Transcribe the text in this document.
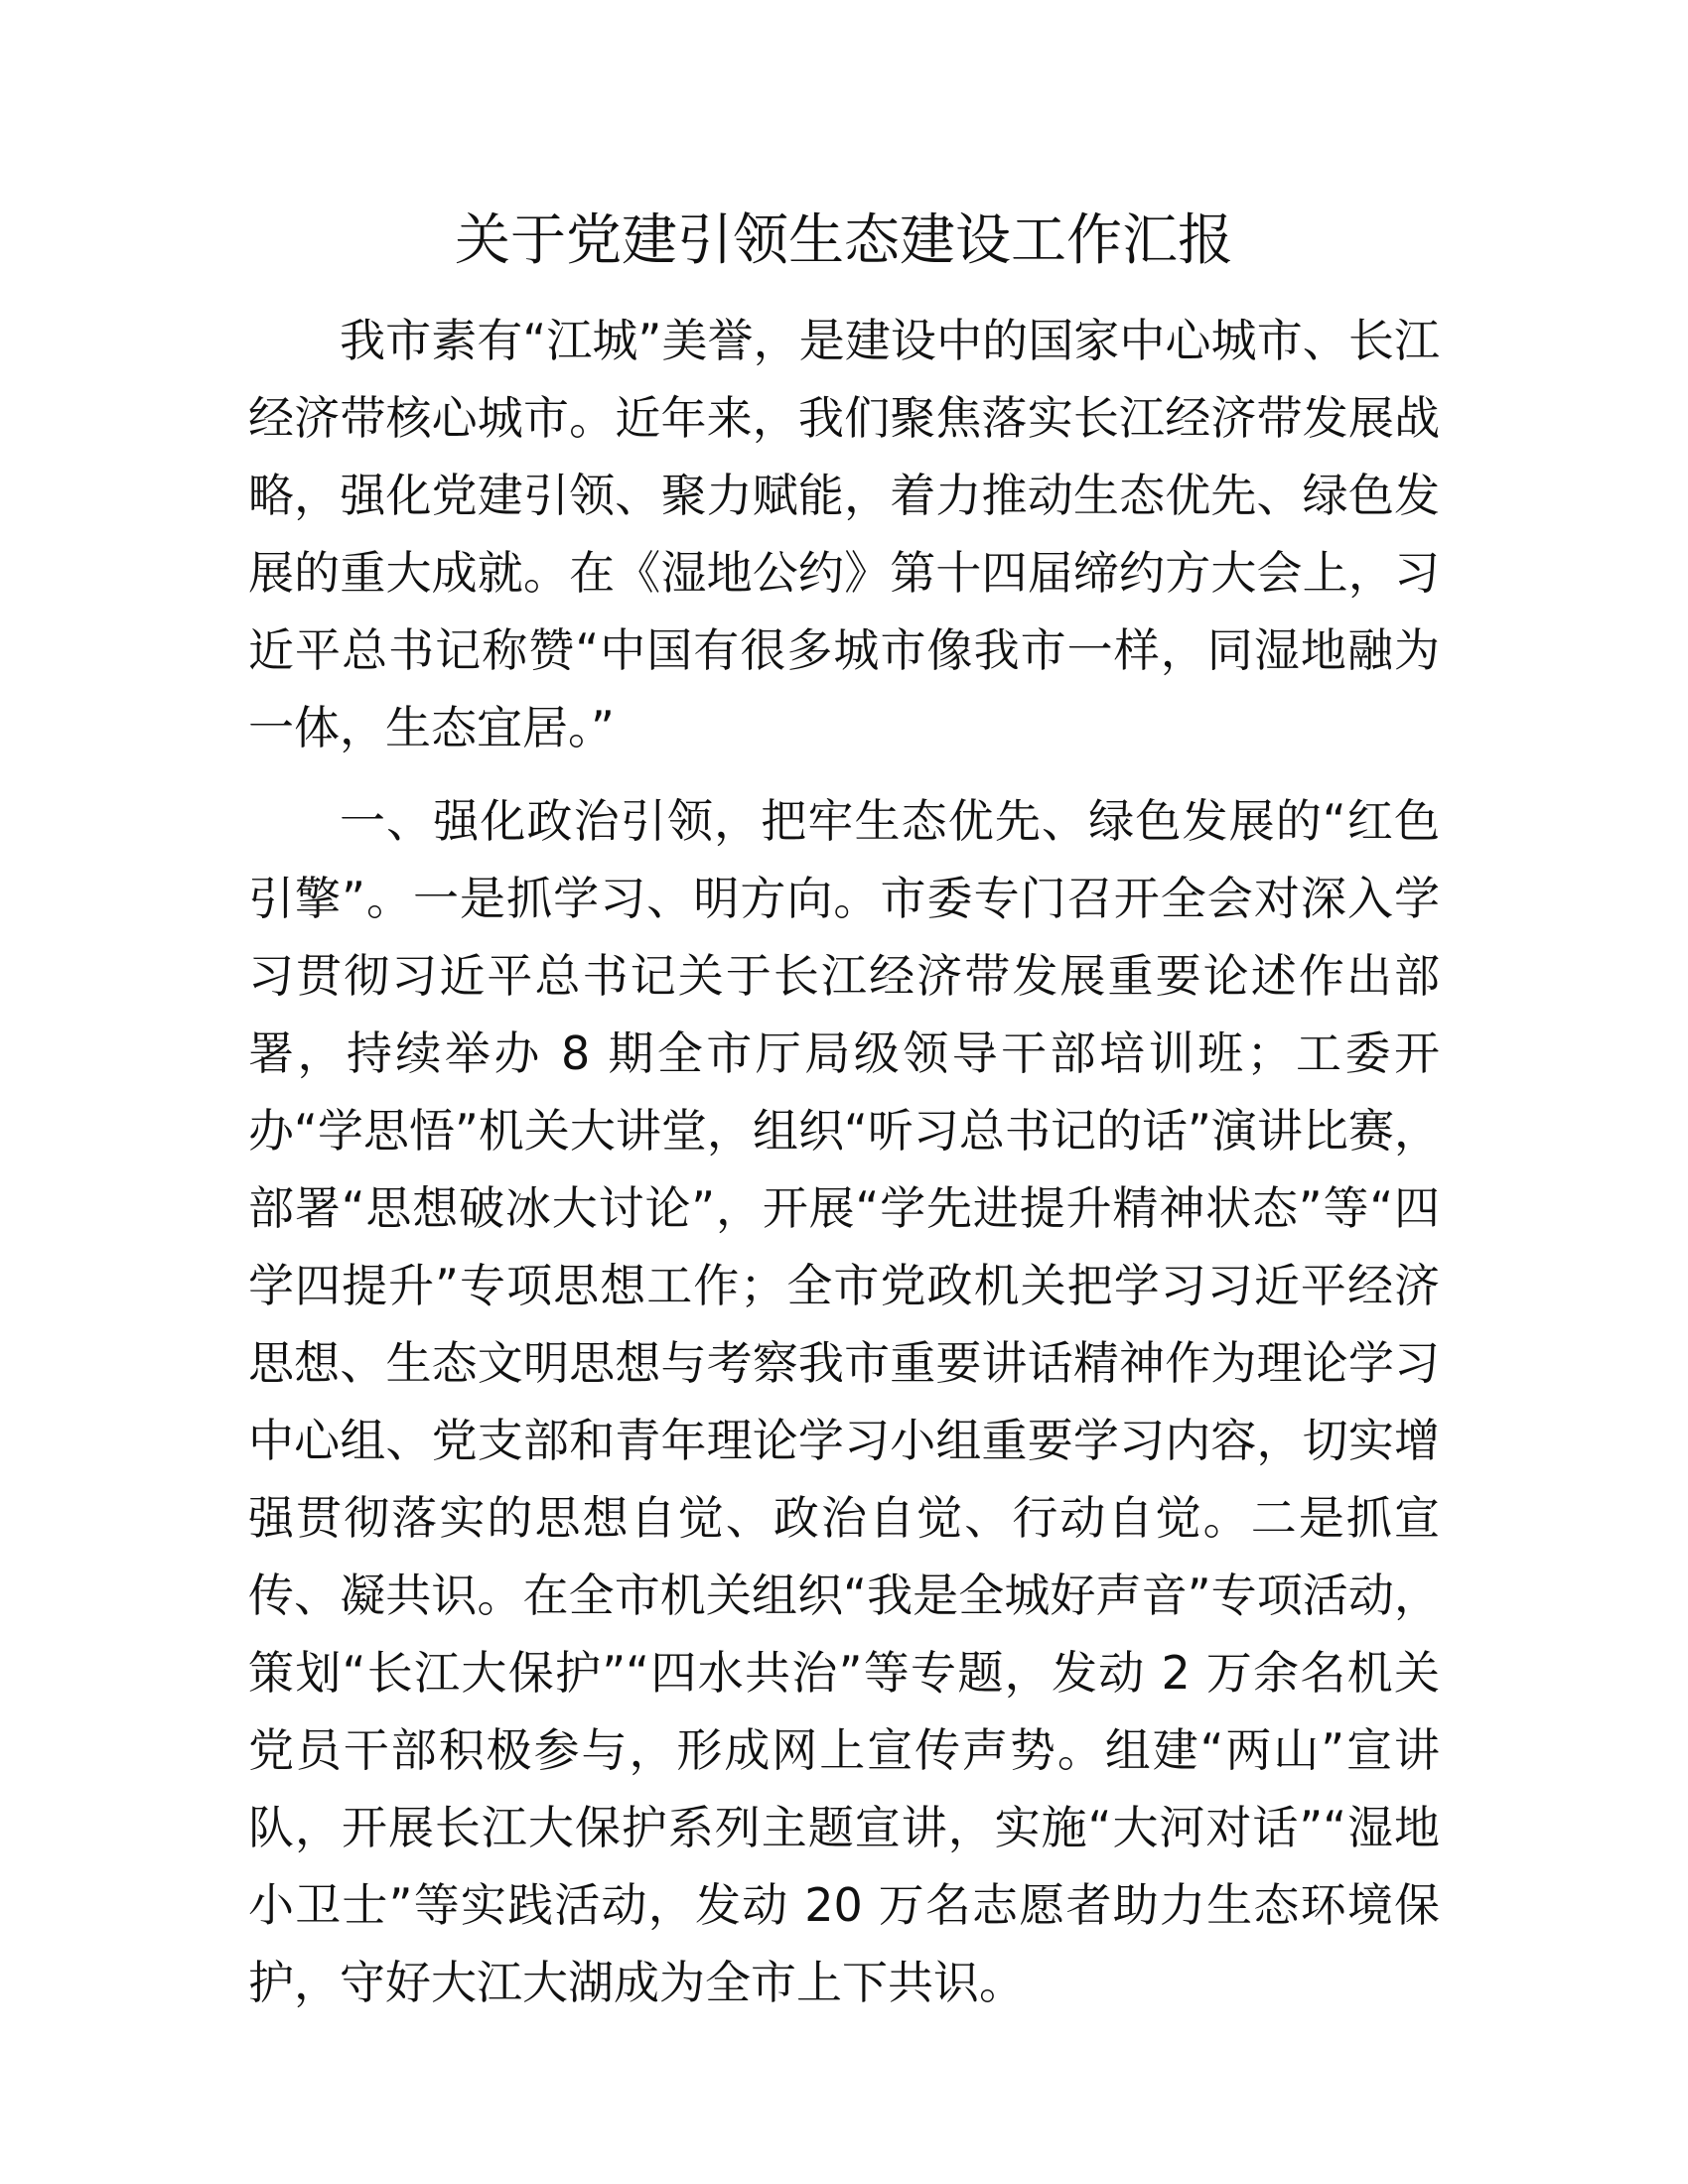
关于党建引领生态建设工作汇报

我市素有“江城”美誉，是建设中的国家中心城市、长江经济带核心城市。近年来，我们聚焦落实长江经济带发展战略，强化党建引领、聚力赋能，着力推动生态优先、绿色发展的重大成就。在《湿地公约》第十四届缔约方大会上，习近平总书记称赞“中国有很多城市像我市一样，同湿地融为一体，生态宜居。”

一、强化政治引领，把牢生态优先、绿色发展的“红色引擎”。一是抓学习、明方向。市委专门召开全会对深入学习贯彻习近平总书记关于长江经济带发展重要论述作出部署，持续举办 8 期全市厅局级领导干部培训班；工委开办“学思悟”机关大讲堂，组织“听习总书记的话”演讲比赛，部署“思想破冰大讨论”，开展“学先进提升精神状态”等“四学四提升”专项思想工作；全市党政机关把学习习近平经济思想、生态文明思想与考察我市重要讲话精神作为理论学习中心组、党支部和青年理论学习小组重要学习内容，切实增强贯彻落实的思想自觉、政治自觉、行动自觉。二是抓宣传、凝共识。在全市机关组织“我是全城好声音”专项活动，策划“长江大保护”“四水共治”等专题，发动 2 万余名机关党员干部积极参与，形成网上宣传声势。组建“两山”宣讲队，开展长江大保护系列主题宣讲，实施“大河对话”“湿地小卫士”等实践活动，发动 20 万名志愿者助力生态环境保护，守好大江大湖成为全市上下共识。
